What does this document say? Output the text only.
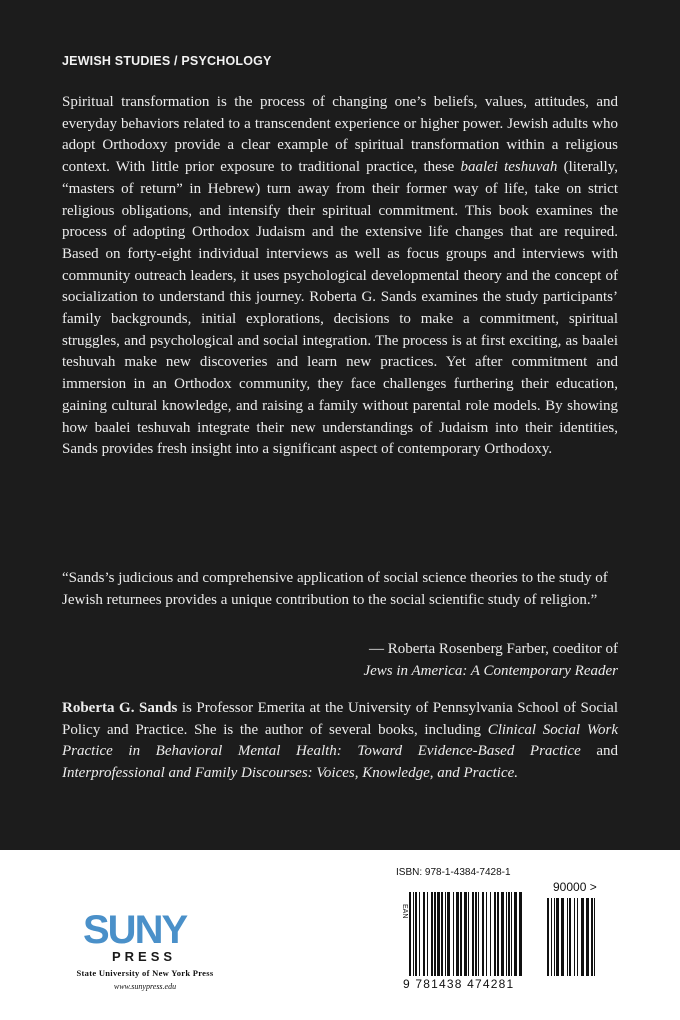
JEWISH STUDIES / PSYCHOLOGY

Spiritual transformation is the process of changing one’s beliefs, values, attitudes, and everyday behaviors related to a transcendent experience or higher power. Jewish adults who adopt Orthodoxy provide a clear example of spiritual transformation within a religious context. With little prior exposure to traditional practice, these baalei teshuvah (literally, “masters of return” in Hebrew) turn away from their former way of life, take on strict religious obligations, and intensify their spiritual commitment. This book examines the process of adopting Orthodox Judaism and the extensive life changes that are required. Based on forty-eight individual interviews as well as focus groups and interviews with community outreach leaders, it uses psychological developmental theory and the concept of socialization to understand this journey. Roberta G. Sands examines the study participants’ family backgrounds, initial explorations, decisions to make a commitment, spiritual struggles, and psychological and social integration. The process is at first exciting, as baalei teshuvah make new discoveries and learn new practices. Yet after commitment and immersion in an Orthodox community, they face challenges furthering their education, gaining cultural knowledge, and raising a family without parental role models. By showing how baalei teshuvah integrate their new understandings of Judaism into their identities, Sands provides fresh insight into a significant aspect of contemporary Orthodoxy.

“Sands’s judicious and comprehensive application of social science theories to the study of Jewish returnees provides a unique contribution to the social scientific study of religion.”

— Roberta Rosenberg Farber, coeditor of
Jews in America: A Contemporary Reader

Roberta G. Sands is Professor Emerita at the University of Pennsylvania School of Social Policy and Practice. She is the author of several books, including Clinical Social Work Practice in Behavioral Mental Health: Toward Evidence-Based Practice and Interprofessional and Family Discourses: Voices, Knowledge, and Practice.

SUNY
PRESS
State University of New York Press
www.sunypress.edu
ISBN: 978-1-4384-7428-1
90000 >
EAN
9 781438 474281
